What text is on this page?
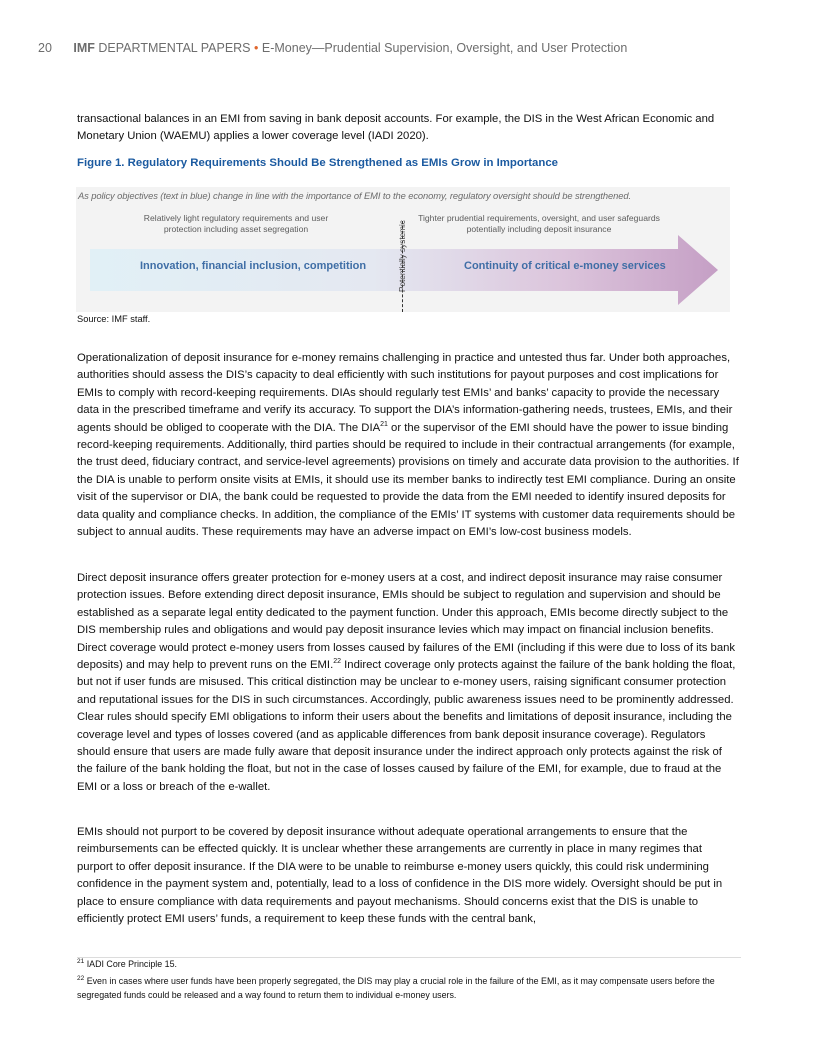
20 IMF DEPARTMENTAL PAPERS • E-Money—Prudential Supervision, Oversight, and User Protection

transactional balances in an EMI from saving in bank deposit accounts. For example, the DIS in the West African Economic and Monetary Union (WAEMU) applies a lower coverage level (IADI 2020).

Figure 1. Regulatory Requirements Should Be Strengthened as EMIs Grow in Importance
As policy objectives (text in blue) change in line with the importance of EMI to the economy, regulatory oversight should be strengthened.
Relatively light regulatory requirements and user protection including asset segregation
Tighter prudential requirements, oversight, and user safeguards potentially including deposit insurance
Innovation, financial inclusion, competition	Continuity of critical e-money services
Potentially systemic
Source: IMF staff.

Operationalization of deposit insurance for e-money remains challenging in practice and untested thus far. Under both approaches, authorities should assess the DIS’s capacity to deal efficiently with such institutions for payout purposes and cost implications for EMIs to comply with record-keeping requirements. DIAs should regularly test EMIs’ and banks’ capacity to provide the necessary data in the prescribed timeframe and verify its accuracy. To support the DIA’s information-gathering needs, trustees, EMIs, and their agents should be obliged to cooperate with the DIA. The DIA$^{21}$ or the supervisor of the EMI should have the power to issue binding record-keeping requirements. Additionally, third parties should be required to include in their contractual arrangements (for example, the trust deed, fiduciary contract, and service-level agreements) provisions on timely and accurate data provision to the authorities. If the DIA is unable to perform onsite visits at EMIs, it should use its member banks to indirectly test EMI compliance. During an onsite visit of the supervisor or DIA, the bank could be requested to provide the data from the EMI needed to identify insured deposits for data quality and compliance checks. In addition, the compliance of the EMIs’ IT systems with customer data requirements should be subject to annual audits. These requirements may have an adverse impact on EMI’s low-cost business models.

Direct deposit insurance offers greater protection for e-money users at a cost, and indirect deposit insurance may raise consumer protection issues. Before extending direct deposit insurance, EMIs should be subject to regulation and supervision and should be established as a separate legal entity dedicated to the payment function. Under this approach, EMIs become directly subject to the DIS membership rules and obligations and would pay deposit insurance levies which may impact on financial inclusion benefits. Direct coverage would protect e-money users from losses caused by failures of the EMI (including if this were due to loss of its bank deposits) and may help to prevent runs on the EMI.$^{22}$ Indirect coverage only protects against the failure of the bank holding the float, but not if user funds are misused. This critical distinction may be unclear to e-money users, raising significant consumer protection and reputational issues for the DIS in such circumstances. Accordingly, public awareness issues need to be prominently addressed. Clear rules should specify EMI obligations to inform their users about the benefits and limitations of deposit insurance, including the coverage level and types of losses covered (and as applicable differences from bank deposit insurance coverage). Regulators should ensure that users are made fully aware that deposit insurance under the indirect approach only protects against the risk of the failure of the bank holding the float, but not in the case of losses caused by failure of the EMI, for example, due to fraud at the EMI or a loss or breach of the e-wallet.

EMIs should not purport to be covered by deposit insurance without adequate operational arrangements to ensure that the reimbursements can be effected quickly. It is unclear whether these arrangements are currently in place in many regimes that purport to offer deposit insurance. If the DIA were to be unable to reimburse e-money users quickly, this could risk undermining confidence in the payment system and, potentially, lead to a loss of confidence in the DIS more widely. Oversight should be put in place to ensure compliance with data requirements and payout mechanisms. Should concerns exist that the DIS is unable to efficiently protect EMI users’ funds, a requirement to keep these funds with the central bank,

$^{21}$ IADI Core Principle 15.

$^{22}$ Even in cases where user funds have been properly segregated, the DIS may play a crucial role in the failure of the EMI, as it may compensate users before the segregated funds could be released and a way found to return them to individual e-money users.
